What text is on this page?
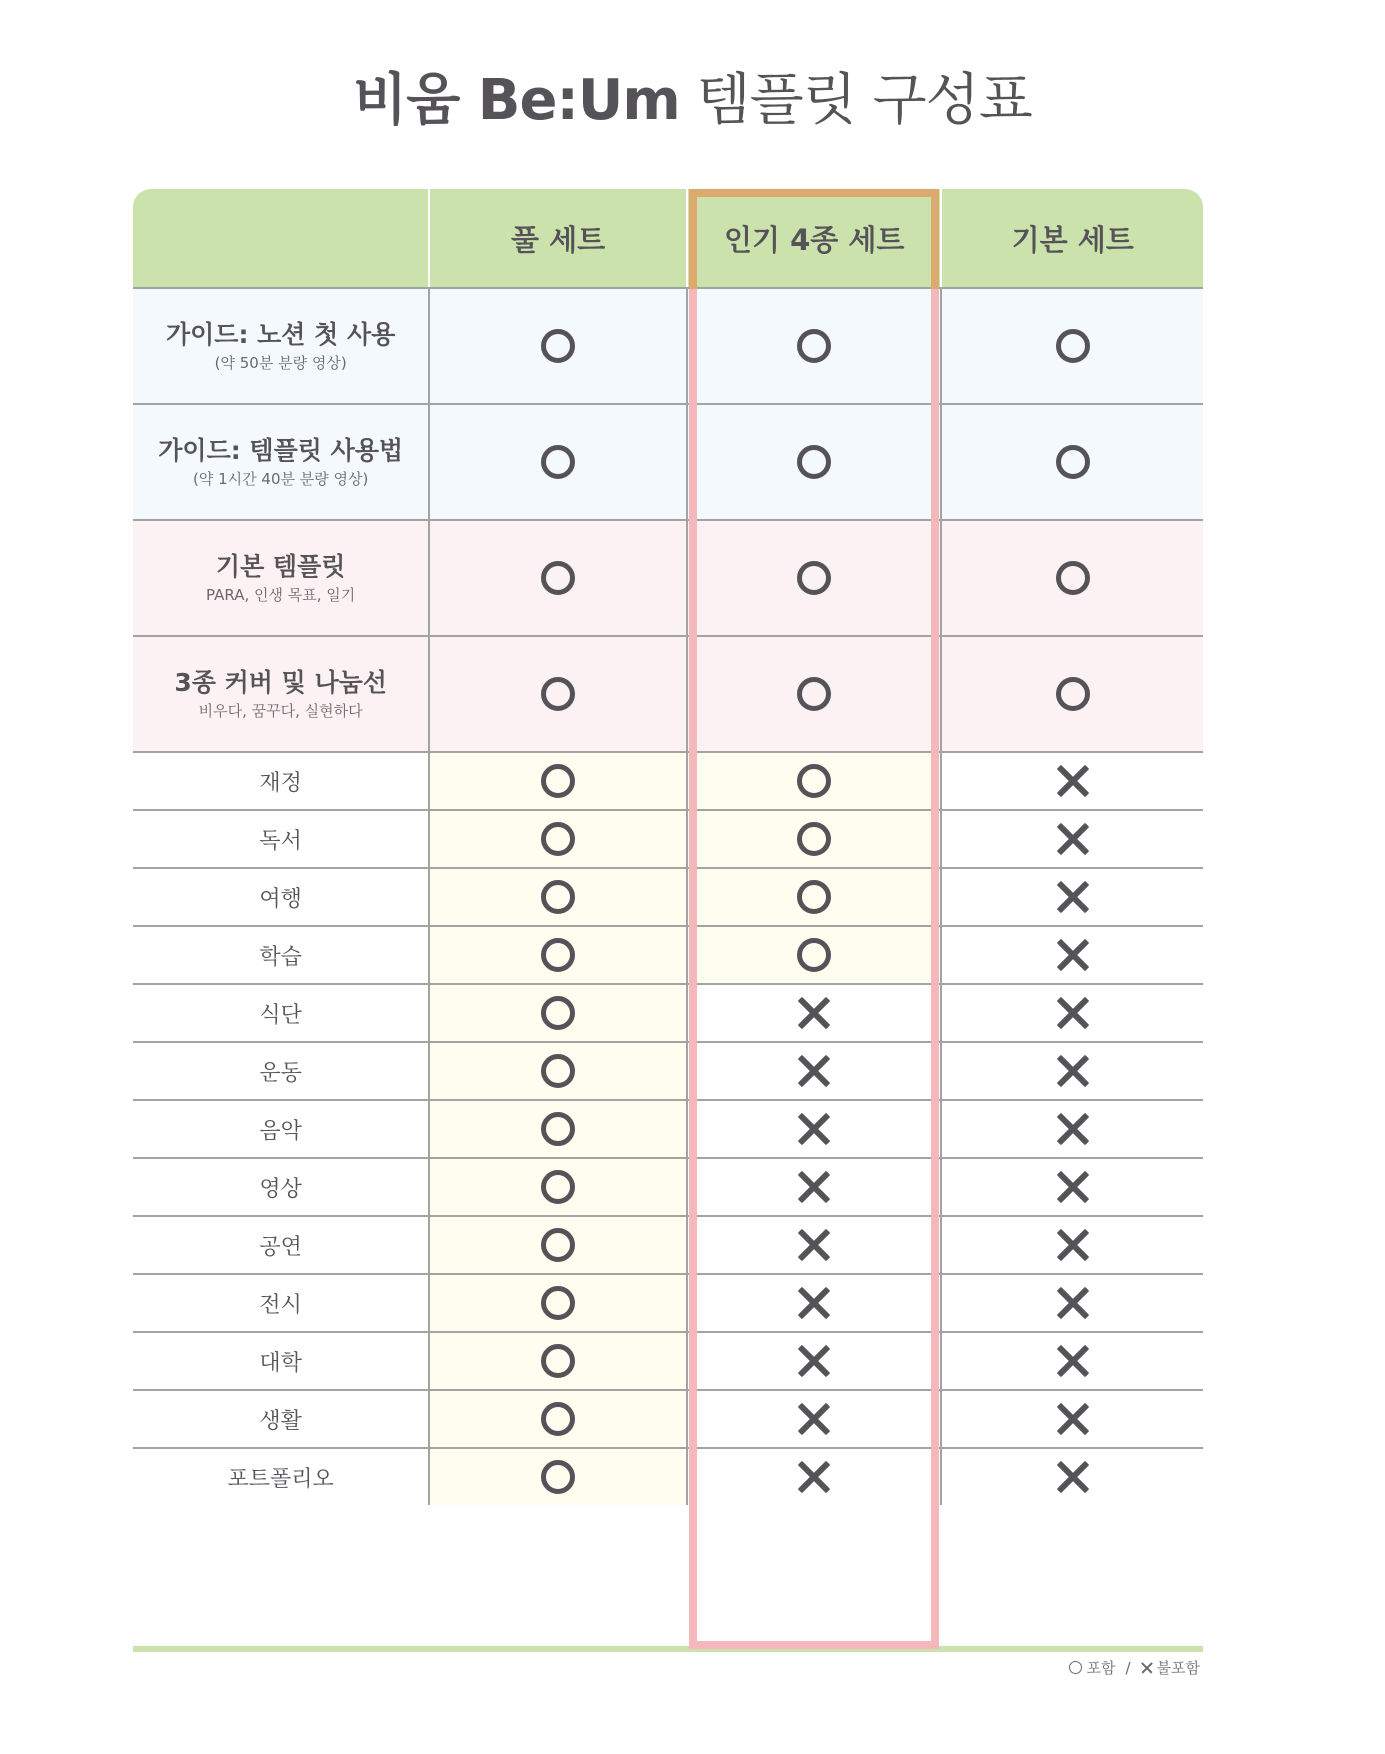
비움 Be:Um 템플릿 구성표
풀 세트	인기 4종 세트	기본 세트
가이드: 노션 첫 사용
(약 50분 분량 영상)
가이드: 템플릿 사용법
(약 1시간 40분 분량 영상)
기본 템플릿
PARA, 인생 목표, 일기
3종 커버 및 나눔선
비우다, 꿈꾸다, 실현하다
재정
독서
여행
학습
식단
운동
음악
영상
공연
전시
대학
생활
포트폴리오
포함 / 불포함
